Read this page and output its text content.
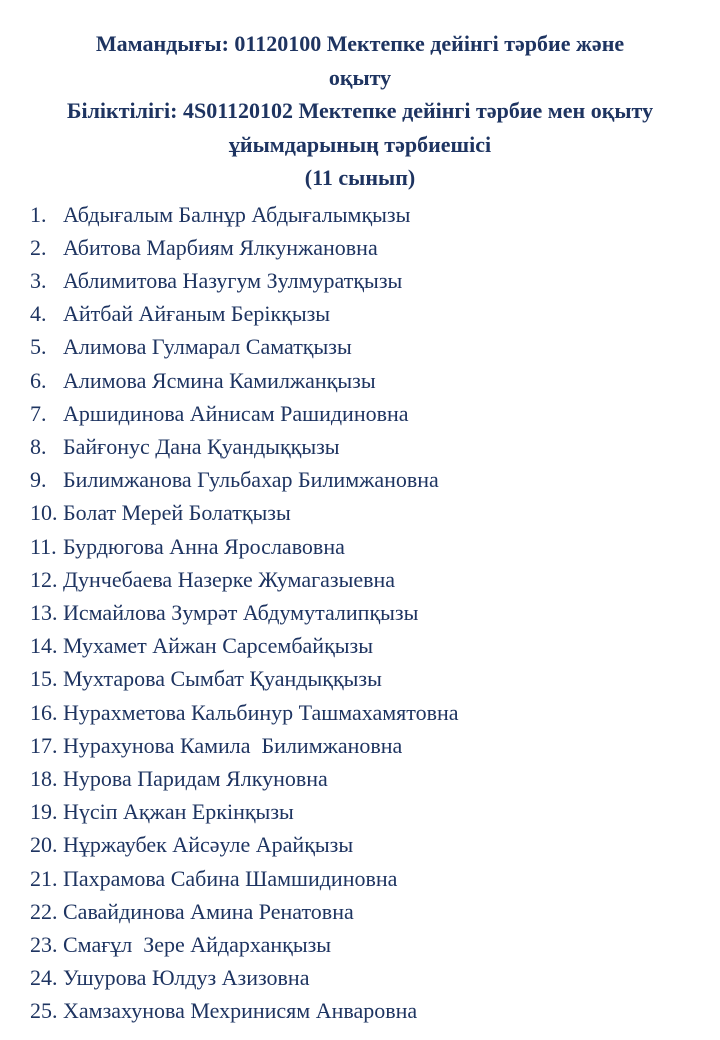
Мамандығы: 01120100 Мектепке дейінгі тәрбие және
оқыту
Біліктілігі: 4S01120102 Мектепке дейінгі тәрбие мен оқыту
ұйымдарының тәрбиешісі
(11 сынып)
1. Абдығалым Балнұр Абдығалымқызы
2. Абитова Марбиям Ялкунжановна
3. Аблимитова Назугум Зулмуратқызы
4. Айтбай Айғаным Берікқызы
5. Алимова Гулмарал Саматқызы
6. Алимова Ясмина Камилжанқызы
7. Аршидинова Айнисам Рашидиновна
8. Байғонус Дана Қуандыққызы
9. Билимжанова Гульбахар Билимжановна
10. Болат Мерей Болатқызы
11. Бурдюгова Анна Ярославовна
12. Дунчебаева Назерке Жумагазыевна
13. Исмайлова Зумрәт Абдумуталипқызы
14. Мухамет Айжан Сарсембайқызы
15. Мухтарова Сымбат Қуандыққызы
16. Нурахметова Кальбинур Ташмахамятовна
17. Нурахунова Камила  Билимжановна
18. Нурова Паридам Ялкуновна
19. Нүсіп Ақжан Еркінқызы
20. Нұржаубек Айсәуле Арайқызы
21. Пахрамова Сабина Шамшидиновна
22. Савайдинова Амина Ренатовна
23. Смағұл  Зере Айдарханқызы
24. Ушурова Юлдуз Азизовна
25. Хамзахунова Мехринисям Анваровна
